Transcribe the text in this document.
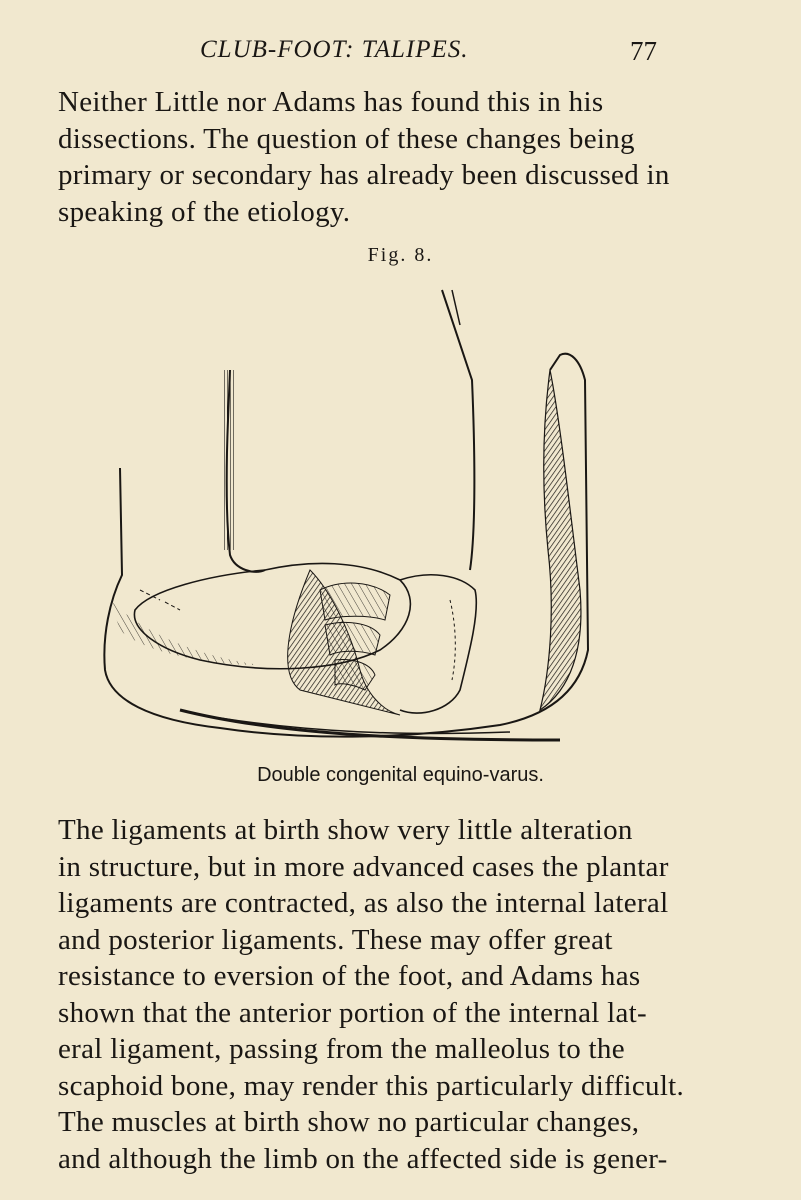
CLUB-FOOT: TALIPES.	77
Neither Little nor Adams has found this in his
dissections. The question of these changes being
primary or secondary has already been discussed in
speaking of the etiology.
Fig. 8.
Double congenital equino-varus.
The ligaments at birth show very little alteration
in structure, but in more advanced cases the plantar
ligaments are contracted, as also the internal lateral
and posterior ligaments. These may offer great
resistance to eversion of the foot, and Adams has
shown that the anterior portion of the internal lat-
eral ligament, passing from the malleolus to the
scaphoid bone, may render this particularly difficult.
The muscles at birth show no particular changes,
and although the limb on the affected side is gener-
